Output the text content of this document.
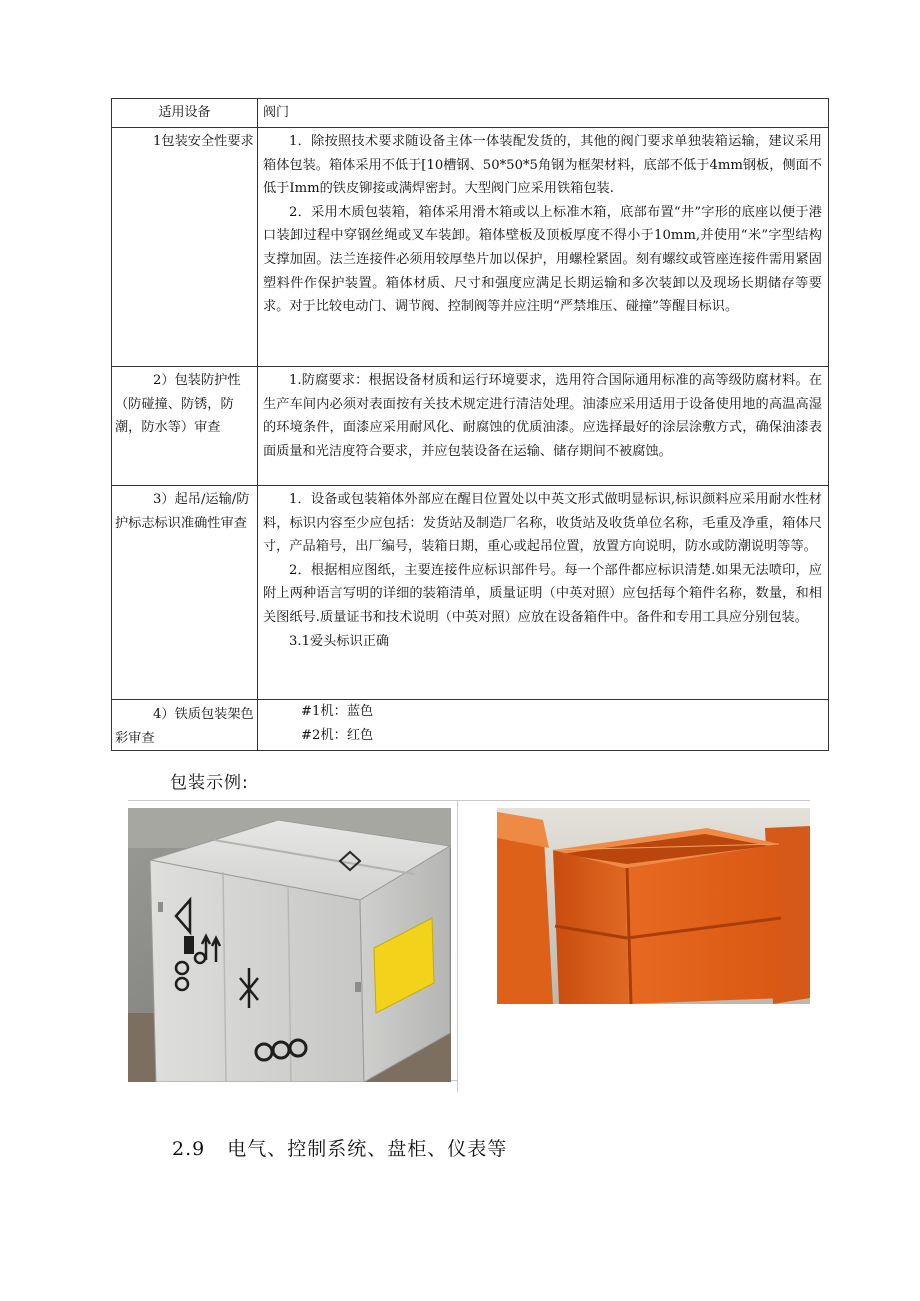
适用设备	阀门

1包装安全性要求	1．除按照技术要求随设备主体一体装配发货的，其他的阀门要求单独装箱运输，建议采用箱体包装。箱体采用不低于[10槽钢、50*50*5角钢为框架材料，底部不低于4mm钢板，侧面不低于Imm的铁皮铆接或满焊密封。大型阀门应采用铁箱包装.

2．采用木质包装箱，箱体采用滑木箱或以上标准木箱，底部布置“井”字形的底座以便于港口装卸过程中穿钢丝绳或叉车装卸。箱体壁板及顶板厚度不得小于10mm,并使用“米”字型结构支撑加固。法兰连接件必须用较厚垫片加以保护，用螺栓紧固。刻有螺纹或管座连接件需用紧固塑料件作保护装置。箱体材质、尺寸和强度应满足长期运输和多次装卸以及现场长期储存等要求。对于比较电动门、调节阀、控制阀等并应注明“严禁堆压、碰撞”等醒目标识。

2）包装防护性（防碰撞、防锈，防潮，防水等）审查	1.防腐要求：根据设备材质和运行环境要求，选用符合国际通用标准的高等级防腐材料。在生产车间内必须对表面按有关技术规定进行清洁处理。油漆应采用适用于设备使用地的高温高湿的环境条件，面漆应采用耐风化、耐腐蚀的优质油漆。应选择最好的涂层涂敷方式，确保油漆表面质量和光洁度符合要求，并应包装设备在运输、储存期间不被腐蚀。

3）起吊/运输/防护标志标识准确性审查	1．设备或包装箱体外部应在醒目位置处以中英文形式做明显标识,标识颜料应采用耐水性材料，标识内容至少应包括：发货站及制造厂名称，收货站及收货单位名称，毛重及净重，箱体尺寸，产品箱号，出厂编号，装箱日期，重心或起吊位置，放置方向说明，防水或防潮说明等等。

2．根据相应图纸，主要连接件应标识部件号。每一个部件都应标识清楚.如果无法喷印，应附上两种语言写明的详细的装箱清单，质量证明（中英对照）应包括每个箱件名称，数量，和相关图纸号.质量证书和技术说明（中英对照）应放在设备箱件中。备件和专用工具应分别包装。

3.1爱头标识正确

4）铁质包装架色彩审查	#1机：蓝色
#2机：红色
包装示例:
2.9 电气、控制系统、盘柜、仪表等
